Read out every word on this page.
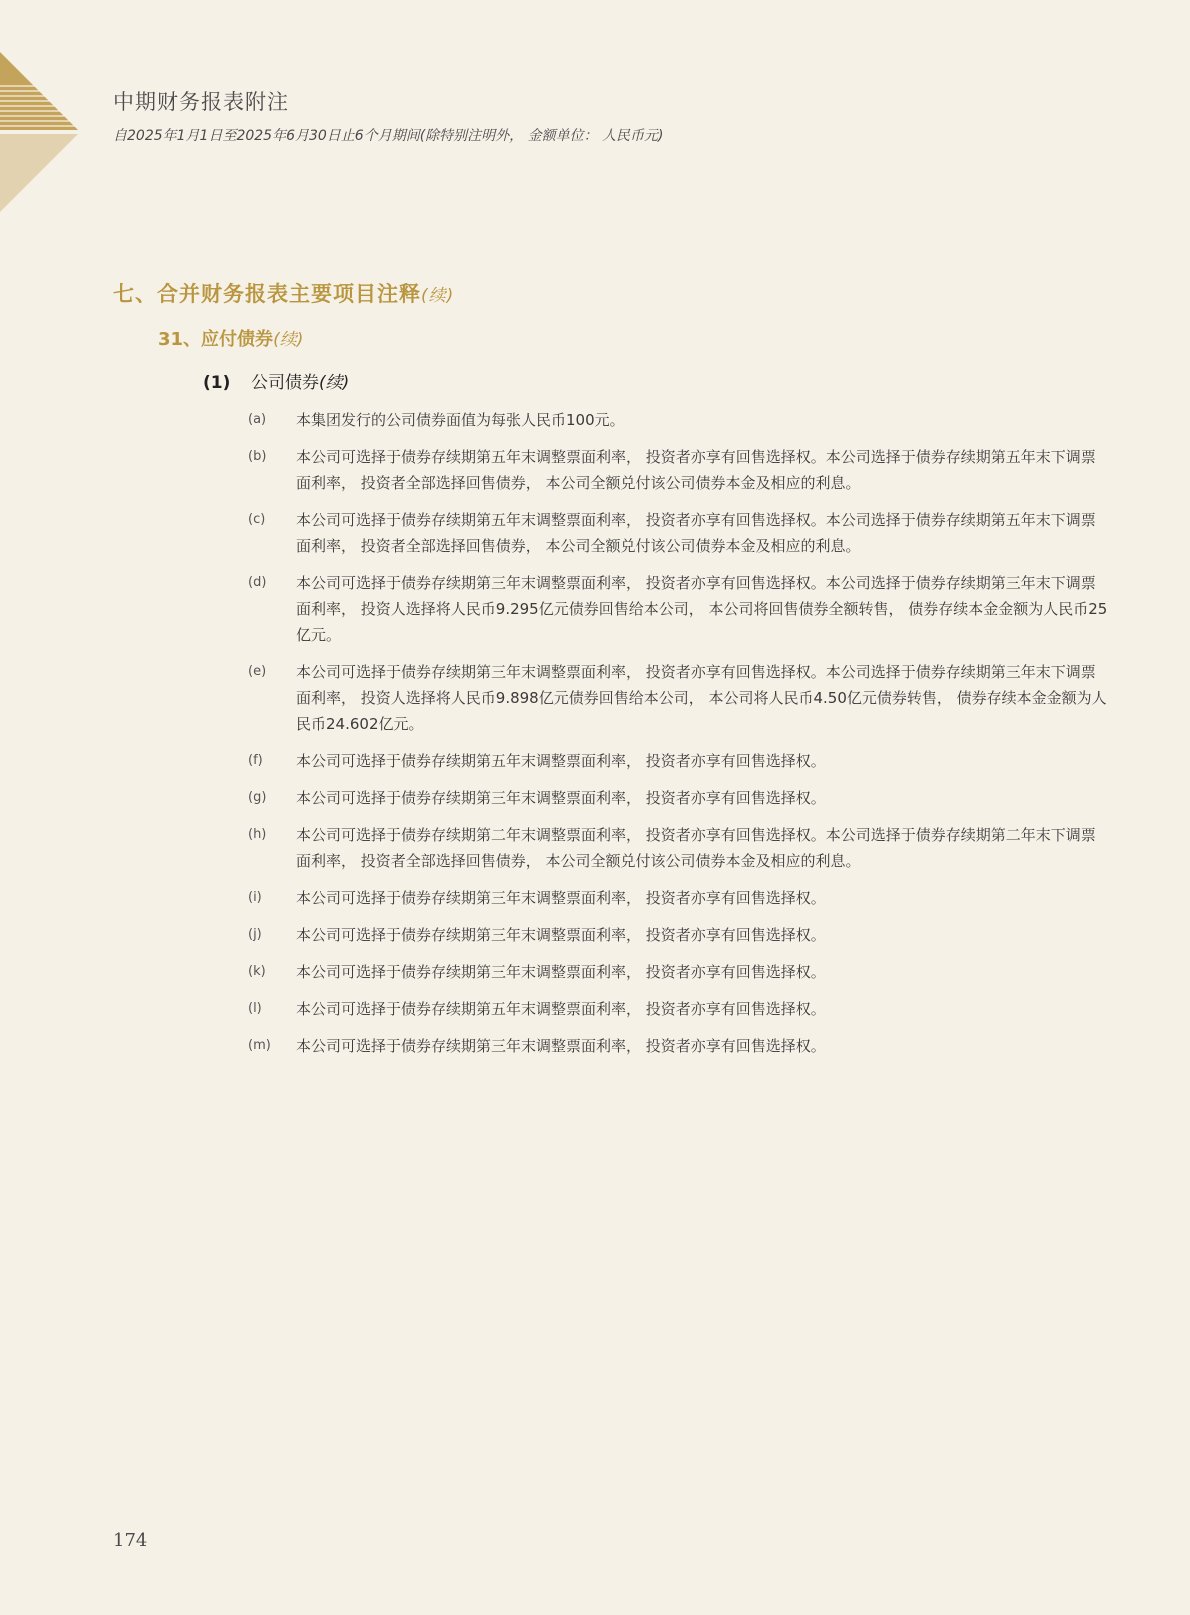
中期财务报表附注
自2025年1月1日至2025年6月30日止6个月期间(除特别注明外， 金额单位： 人民币元)
七、合并财务报表主要项目注释(续)
31、应付债券(续)
(1) 公司债券(续)
(a)	本集团发行的公司债券面值为每张人民币100元。
(b)	本公司可选择于债券存续期第五年末调整票面利率， 投资者亦享有回售选择权。本公司选择于债券存续期第五年末下调票面利率， 投资者全部选择回售债券， 本公司全额兑付该公司债券本金及相应的利息。
(c)	本公司可选择于债券存续期第五年末调整票面利率， 投资者亦享有回售选择权。本公司选择于债券存续期第五年末下调票面利率， 投资者全部选择回售债券， 本公司全额兑付该公司债券本金及相应的利息。
(d)	本公司可选择于债券存续期第三年末调整票面利率， 投资者亦享有回售选择权。本公司选择于债券存续期第三年末下调票面利率， 投资人选择将人民币9.295亿元债券回售给本公司， 本公司将回售债券全额转售， 债券存续本金金额为人民币25亿元。
(e)	本公司可选择于债券存续期第三年末调整票面利率， 投资者亦享有回售选择权。本公司选择于债券存续期第三年末下调票面利率， 投资人选择将人民币9.898亿元债券回售给本公司， 本公司将人民币4.50亿元债券转售， 债券存续本金金额为人民币24.602亿元。
(f)	本公司可选择于债券存续期第五年末调整票面利率， 投资者亦享有回售选择权。
(g)	本公司可选择于债券存续期第三年末调整票面利率， 投资者亦享有回售选择权。
(h)	本公司可选择于债券存续期第二年末调整票面利率， 投资者亦享有回售选择权。本公司选择于债券存续期第二年末下调票面利率， 投资者全部选择回售债券， 本公司全额兑付该公司债券本金及相应的利息。
(i)	本公司可选择于债券存续期第三年末调整票面利率， 投资者亦享有回售选择权。
(j)	本公司可选择于债券存续期第三年末调整票面利率， 投资者亦享有回售选择权。
(k)	本公司可选择于债券存续期第三年末调整票面利率， 投资者亦享有回售选择权。
(l)	本公司可选择于债券存续期第五年末调整票面利率， 投资者亦享有回售选择权。
(m)	本公司可选择于债券存续期第三年末调整票面利率， 投资者亦享有回售选择权。
174
